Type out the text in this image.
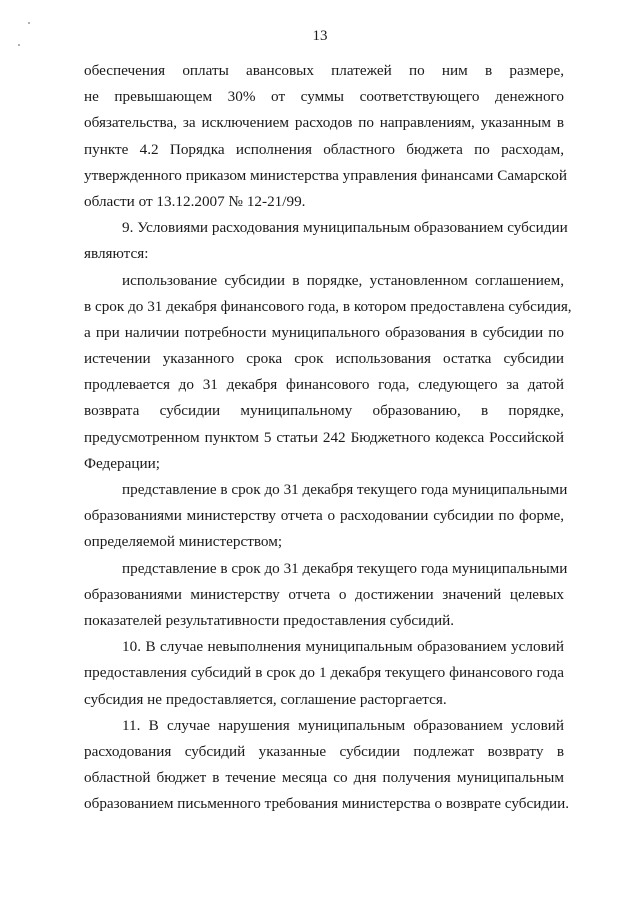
13
обеспечения оплаты авансовых платежей по ним в размере,
не превышающем 30% от суммы соответствующего денежного
обязательства, за исключением расходов по направлениям, указанным в
пункте 4.2 Порядка исполнения областного бюджета по расходам,
утвержденного приказом министерства управления финансами Самарской
области от 13.12.2007 № 12-21/99.
9. Условиями расходования муниципальным образованием субсидии
являются:
использование субсидии в порядке, установленном соглашением,
в срок до 31 декабря финансового года, в котором предоставлена субсидия,
а при наличии потребности муниципального образования в субсидии по
истечении указанного срока срок использования остатка субсидии
продлевается до 31 декабря финансового года, следующего за датой
возврата субсидии муниципальному образованию, в порядке,
предусмотренном пунктом 5 статьи 242 Бюджетного кодекса Российской
Федерации;
представление в срок до 31 декабря текущего года муниципальными
образованиями министерству отчета о расходовании субсидии по форме,
определяемой министерством;
представление в срок до 31 декабря текущего года муниципальными
образованиями министерству отчета о достижении значений целевых
показателей результативности предоставления субсидий.
10. В случае невыполнения муниципальным образованием условий
предоставления субсидий в срок до 1 декабря текущего финансового года
субсидия не предоставляется, соглашение расторгается.
11. В случае нарушения муниципальным образованием условий
расходования субсидий указанные субсидии подлежат возврату в
областной бюджет в течение месяца со дня получения муниципальным
образованием письменного требования министерства о возврате субсидии.
